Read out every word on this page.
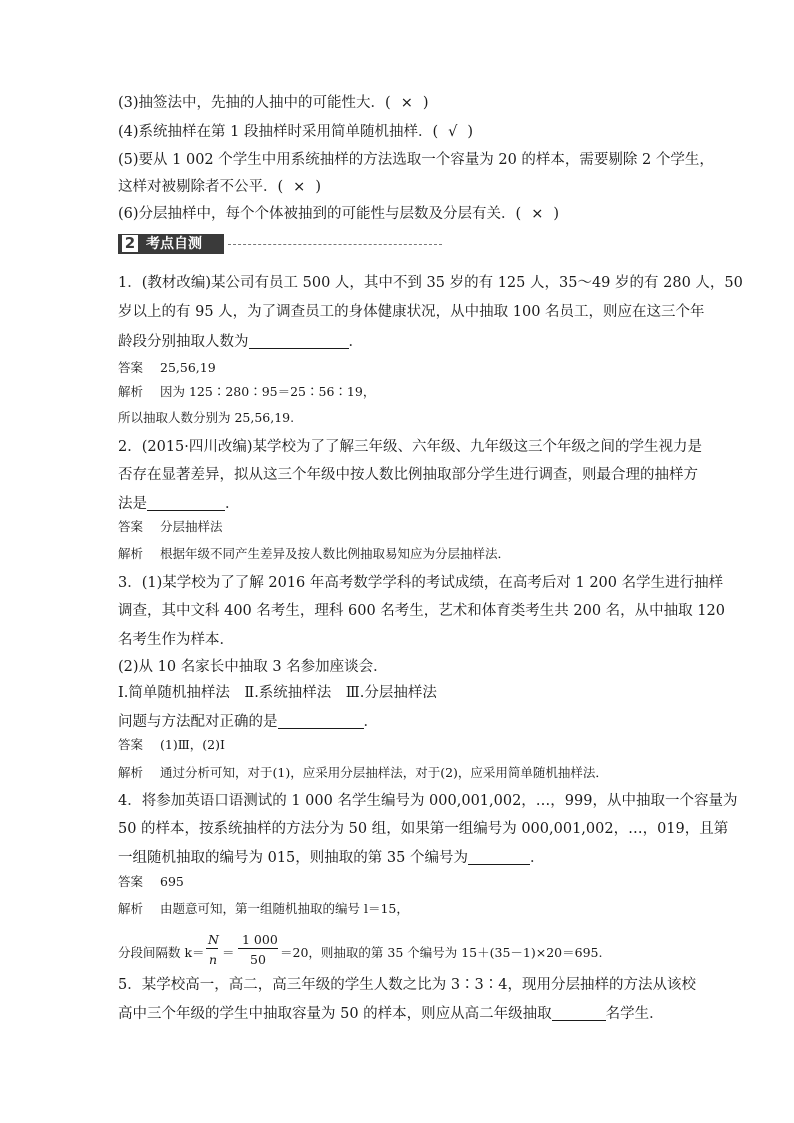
(3)抽签法中，先抽的人抽中的可能性大．( × )
(4)系统抽样在第 1 段抽样时采用简单随机抽样．( √ )
(5)要从 1 002 个学生中用系统抽样的方法选取一个容量为 20 的样本，需要剔除 2 个学生，
这样对被剔除者不公平．( × )
(6)分层抽样中，每个个体被抽到的可能性与层数及分层有关．( × )
2 考点自测
1．(教材改编)某公司有员工 500 人，其中不到 35 岁的有 125 人，35～49 岁的有 280 人，50
岁以上的有 95 人，为了调查员工的身体健康状况，从中抽取 100 名员工，则应在这三个年
龄段分别抽取人数为	．
答案 25,56,19
解析 因为 125∶280∶95＝25∶56∶19，
所以抽取人数分别为 25,56,19.
2．(2015·四川改编)某学校为了了解三年级、六年级、九年级这三个年级之间的学生视力是
否存在显著差异，拟从这三个年级中按人数比例抽取部分学生进行调查，则最合理的抽样方
法是	．
答案 分层抽样法
解析 根据年级不同产生差异及按人数比例抽取易知应为分层抽样法．
3．(1)某学校为了了解 2016 年高考数学学科的考试成绩，在高考后对 1 200 名学生进行抽样
调查，其中文科 400 名考生，理科 600 名考生，艺术和体育类考生共 200 名，从中抽取 120
名考生作为样本．
(2)从 10 名家长中抽取 3 名参加座谈会．
Ⅰ.简单随机抽样法　Ⅱ.系统抽样法　Ⅲ.分层抽样法
问题与方法配对正确的是	．
答案 (1)Ⅲ，(2)Ⅰ
解析 通过分析可知，对于(1)，应采用分层抽样法，对于(2)，应采用简单随机抽样法．
4．将参加英语口语测试的 1 000 名学生编号为 000,001,002，…，999，从中抽取一个容量为
50 的样本，按系统抽样的方法分为 50 组，如果第一组编号为 000,001,002，…，019，且第
一组随机抽取的编号为 015，则抽取的第 35 个编号为	．
答案 695
解析 由题意可知，第一组随机抽取的编号 l＝15，
分段间隔数 k＝
N
n ＝
1 000
50 ＝20，则抽取的第 35 个编号为 15＋(35－1)×20＝695.
5．某学校高一，高二，高三年级的学生人数之比为 3∶3∶4，现用分层抽样的方法从该校
高中三个年级的学生中抽取容量为 50 的样本，则应从高二年级抽取	名学生．
